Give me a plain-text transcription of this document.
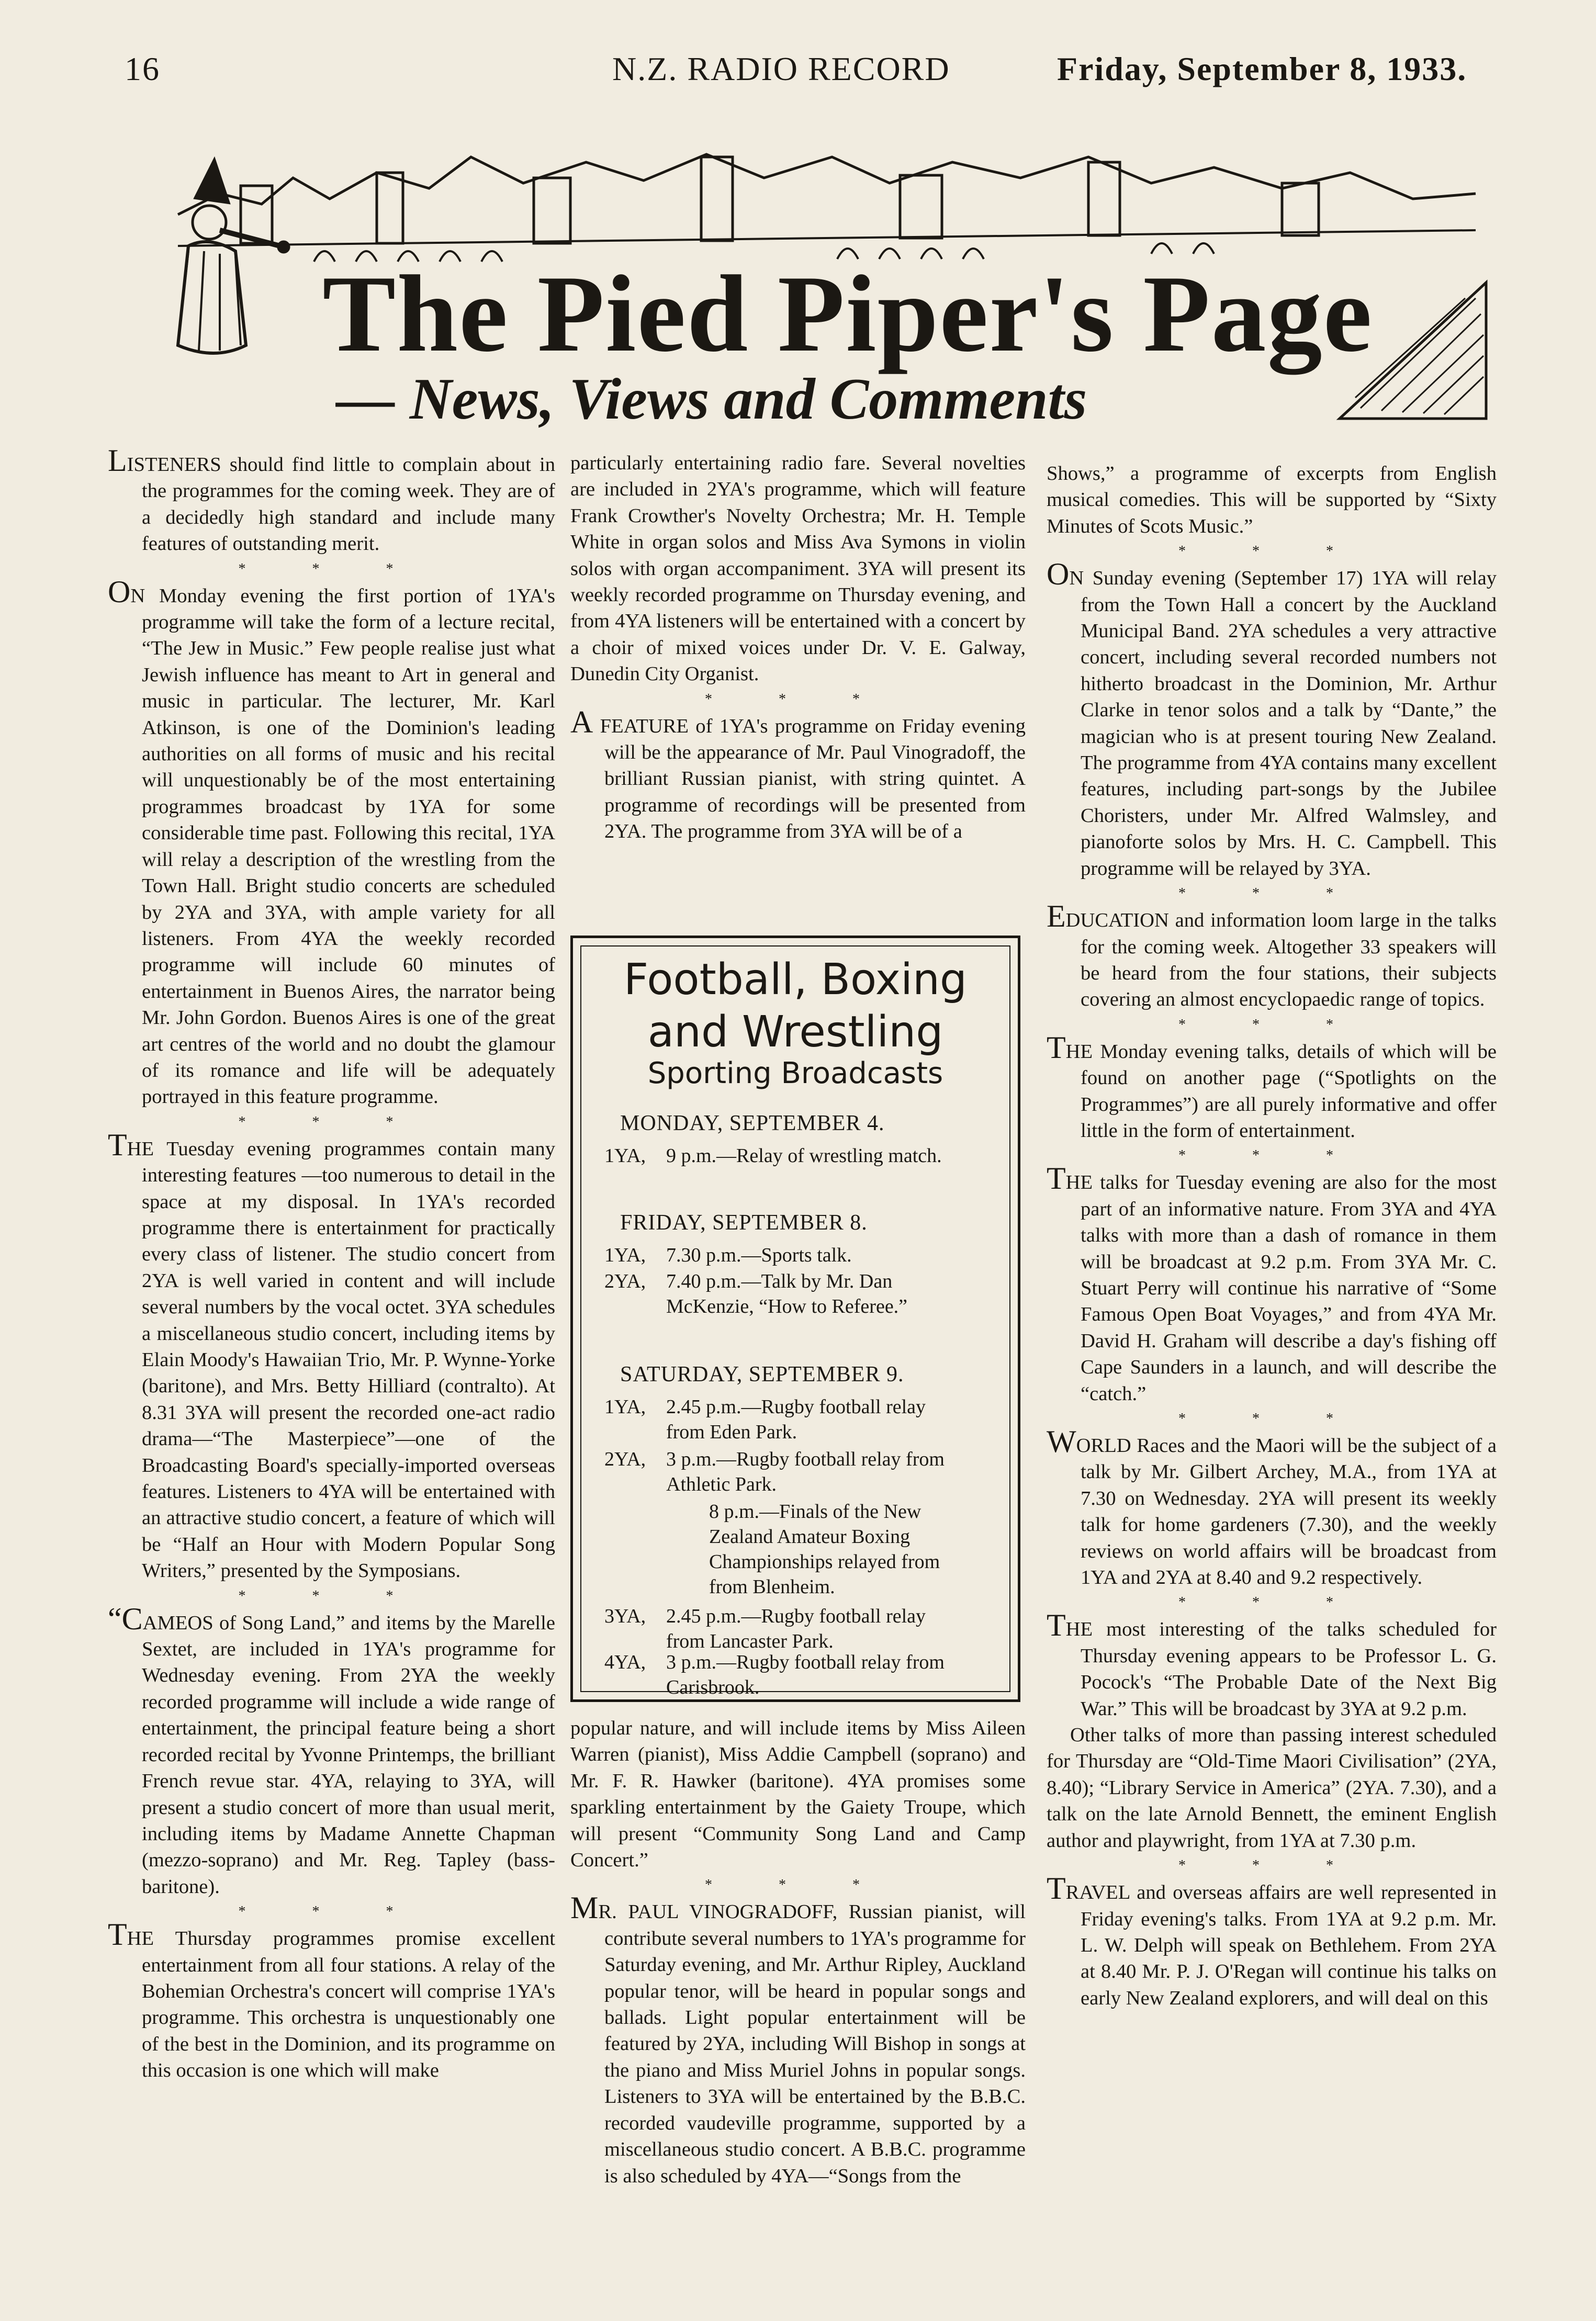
16	N.Z. RADIO RECORD	Friday, September 8, 1933.
The Pied Piper's Page
— News, Views and Comments

LISTENERS should find little to complain about in the programmes for the coming week. They are of a decidedly high standard and include many features of outstanding merit.

* * *

ON Monday evening the first portion of 1YA's programme will take the form of a lecture recital, “The Jew in Music.” Few people realise just what Jewish influence has meant to Art in general and music in particular. The lecturer, Mr. Karl Atkinson, is one of the Dominion's leading authorities on all forms of music and his recital will unquestionably be of the most entertaining programmes broadcast by 1YA for some considerable time past. Following this recital, 1YA will relay a description of the wrestling from the Town Hall. Bright studio concerts are scheduled by 2YA and 3YA, with ample variety for all listeners. From 4YA the weekly recorded programme will include 60 minutes of entertainment in Buenos Aires, the narrator being Mr. John Gordon. Buenos Aires is one of the great art centres of the world and no doubt the glamour of its romance and life will be adequately portrayed in this feature programme.

* * *

THE Tuesday evening programmes contain many interesting features —too numerous to detail in the space at my disposal. In 1YA's recorded programme there is entertainment for practically every class of listener. The studio concert from 2YA is well varied in content and will include several numbers by the vocal octet. 3YA schedules a miscellaneous studio concert, including items by Elain Moody's Hawaiian Trio, Mr. P. Wynne-Yorke (baritone), and Mrs. Betty Hilliard (contralto). At 8.31 3YA will present the recorded one-act radio drama—“The Masterpiece”—one of the Broadcasting Board's specially-imported overseas features. Listeners to 4YA will be entertained with an attractive studio concert, a feature of which will be “Half an Hour with Modern Popular Song Writers,” presented by the Symposians.

* * *

“CAMEOS of Song Land,” and items by the Marelle Sextet, are included in 1YA's programme for Wednesday evening. From 2YA the weekly recorded programme will include a wide range of entertainment, the principal feature being a short recorded recital by Yvonne Printemps, the brilliant French revue star. 4YA, relaying to 3YA, will present a studio concert of more than usual merit, including items by Madame Annette Chapman (mezzo-soprano) and Mr. Reg. Tapley (bass-baritone).

* * *

THE Thursday programmes promise excellent entertainment from all four stations. A relay of the Bohemian Orchestra's concert will comprise 1YA's programme. This orchestra is unquestionably one of the best in the Dominion, and its programme on this occasion is one which will make

particularly entertaining radio fare. Several novelties are included in 2YA's programme, which will feature Frank Crowther's Novelty Orchestra; Mr. H. Temple White in organ solos and Miss Ava Symons in violin solos with organ accompaniment. 3YA will present its weekly recorded programme on Thursday evening, and from 4YA listeners will be entertained with a concert by a choir of mixed voices under Dr. V. E. Galway, Dunedin City Organist.

* * *

A FEATURE of 1YA's programme on Friday evening will be the appearance of Mr. Paul Vinogradoff, the brilliant Russian pianist, with string quintet. A programme of recordings will be presented from 2YA. The programme from 3YA will be of a

Football, Boxing
and Wrestling
Sporting Broadcasts
MONDAY, SEPTEMBER 4.
1YA,	9 p.m.—Relay of wrestling match.
FRIDAY, SEPTEMBER 8.
1YA,	7.30 p.m.—Sports talk.
2YA,	7.40 p.m.—Talk by Mr. Dan McKenzie, “How to Referee.”
SATURDAY, SEPTEMBER 9.
1YA,	2.45 p.m.—Rugby football relay from Eden Park.
2YA,	3 p.m.—Rugby football relay from Athletic Park.
8 p.m.—Finals of the New Zealand Amateur Boxing Championships relayed from from Blenheim.
3YA,	2.45 p.m.—Rugby football relay from Lancaster Park.
4YA,	3 p.m.—Rugby football relay from Carisbrook.

popular nature, and will include items by Miss Aileen Warren (pianist), Miss Addie Campbell (soprano) and Mr. F. R. Hawker (baritone). 4YA promises some sparkling entertainment by the Gaiety Troupe, which will present “Community Song Land and Camp Concert.”

* * *

MR. PAUL VINOGRADOFF, Russian pianist, will contribute several numbers to 1YA's programme for Saturday evening, and Mr. Arthur Ripley, Auckland popular tenor, will be heard in popular songs and ballads. Light popular entertainment will be featured by 2YA, including Will Bishop in songs at the piano and Miss Muriel Johns in popular songs. Listeners to 3YA will be entertained by the B.B.C. recorded vaudeville programme, supported by a miscellaneous studio concert. A B.B.C. programme is also scheduled by 4YA—“Songs from the

Shows,” a programme of excerpts from English musical comedies. This will be supported by “Sixty Minutes of Scots Music.”

* * *

ON Sunday evening (September 17) 1YA will relay from the Town Hall a concert by the Auckland Municipal Band. 2YA schedules a very attractive concert, including several recorded numbers not hitherto broadcast in the Dominion, Mr. Arthur Clarke in tenor solos and a talk by “Dante,” the magician who is at present touring New Zealand. The programme from 4YA contains many excellent features, including part-songs by the Jubilee Choristers, under Mr. Alfred Walmsley, and pianoforte solos by Mrs. H. C. Campbell. This programme will be relayed by 3YA.

* * *

EDUCATION and information loom large in the talks for the coming week. Altogether 33 speakers will be heard from the four stations, their subjects covering an almost encyclopaedic range of topics.

* * *

THE Monday evening talks, details of which will be found on another page (“Spotlights on the Programmes”) are all purely informative and offer little in the form of entertainment.

* * *

THE talks for Tuesday evening are also for the most part of an informative nature. From 3YA and 4YA talks with more than a dash of romance in them will be broadcast at 9.2 p.m. From 3YA Mr. C. Stuart Perry will continue his narrative of “Some Famous Open Boat Voyages,” and from 4YA Mr. David H. Graham will describe a day's fishing off Cape Saunders in a launch, and will describe the “catch.”

* * *

WORLD Races and the Maori will be the subject of a talk by Mr. Gilbert Archey, M.A., from 1YA at 7.30 on Wednesday. 2YA will present its weekly talk for home gardeners (7.30), and the weekly reviews on world affairs will be broadcast from 1YA and 2YA at 8.40 and 9.2 respectively.

* * *

THE most interesting of the talks scheduled for Thursday evening appears to be Professor L. G. Pocock's “The Probable Date of the Next Big War.” This will be broadcast by 3YA at 9.2 p.m.

Other talks of more than passing interest scheduled for Thursday are “Old-Time Maori Civilisation” (2YA, 8.40); “Library Service in America” (2YA. 7.30), and a talk on the late Arnold Bennett, the eminent English author and playwright, from 1YA at 7.30 p.m.

* * *

TRAVEL and overseas affairs are well represented in Friday evening's talks. From 1YA at 9.2 p.m. Mr. L. W. Delph will speak on Bethlehem. From 2YA at 8.40 Mr. P. J. O'Regan will continue his talks on early New Zealand explorers, and will deal on this
